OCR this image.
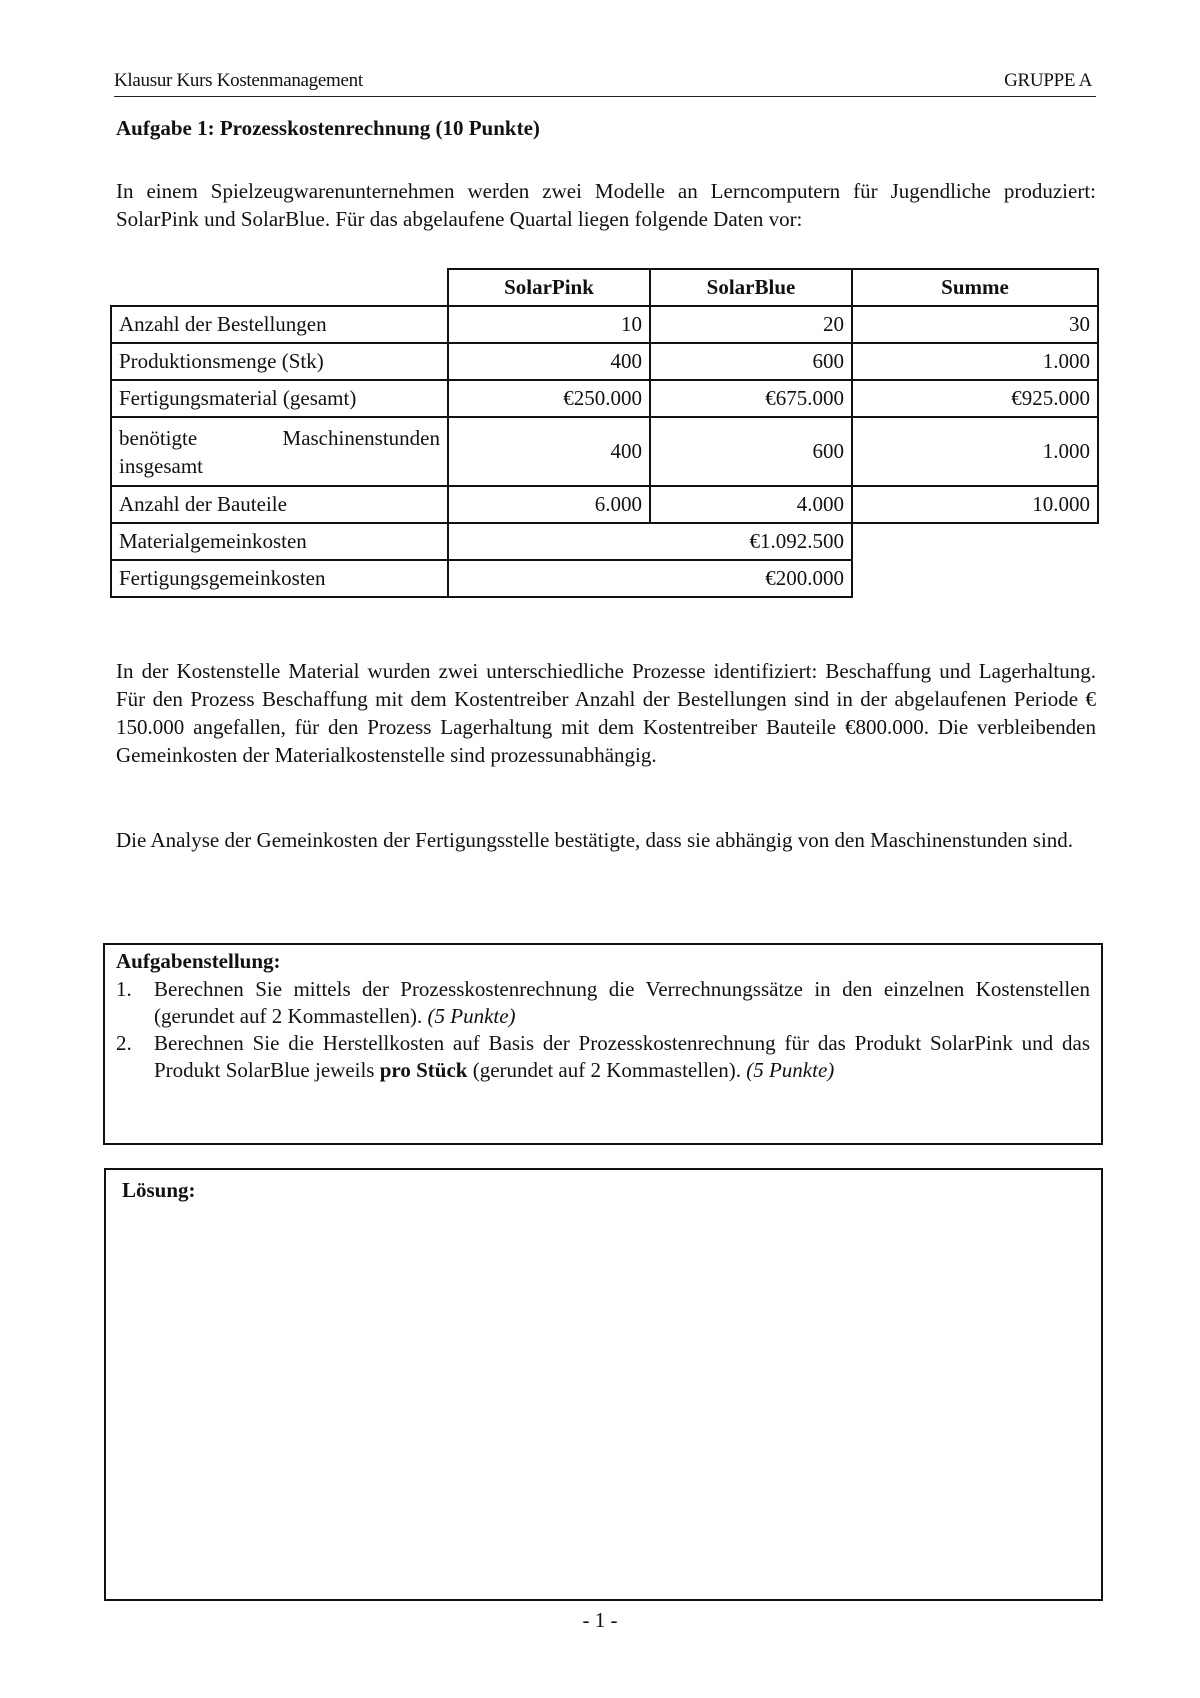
Klausur Kurs Kostenmanagement	GRUPPE A
Aufgabe 1: Prozesskostenrechnung (10 Punkte)
In einem Spielzeugwarenunternehmen werden zwei Modelle an Lerncomputern für Jugendliche produziert: SolarPink und SolarBlue. Für das abgelaufene Quartal liegen folgende Daten vor:
	SolarPink	SolarBlue	Summe
Anzahl der Bestellungen	10	20	30
Produktionsmenge (Stk)	400	600	1.000
Fertigungsmaterial (gesamt)	€250.000	€675.000	€925.000
benötigte Maschinenstunden insgesamt	400	600	1.000
Anzahl der Bauteile	6.000	4.000	10.000
Materialgemeinkosten	€1.092.500		
Fertigungsgemeinkosten	€200.000		
In der Kostenstelle Material wurden zwei unterschiedliche Prozesse identifiziert: Beschaffung und Lagerhaltung. Für den Prozess Beschaffung mit dem Kostentreiber Anzahl der Bestellungen sind in der abgelaufenen Periode € 150.000 angefallen, für den Prozess Lagerhaltung mit dem Kostentreiber Bauteile €800.000. Die verbleibenden Gemeinkosten der Materialkostenstelle sind prozessunabhängig.
Die Analyse der Gemeinkosten der Fertigungsstelle bestätigte, dass sie abhängig von den Maschinenstunden sind.
Aufgabenstellung:
1. Berechnen Sie mittels der Prozesskostenrechnung die Verrechnungssätze in den einzelnen Kostenstellen (gerundet auf 2 Kommastellen). (5 Punkte)
2. Berechnen Sie die Herstellkosten auf Basis der Prozesskostenrechnung für das Produkt SolarPink und das Produkt SolarBlue jeweils pro Stück (gerundet auf 2 Kommastellen). (5 Punkte)
Lösung:
- 1 -
